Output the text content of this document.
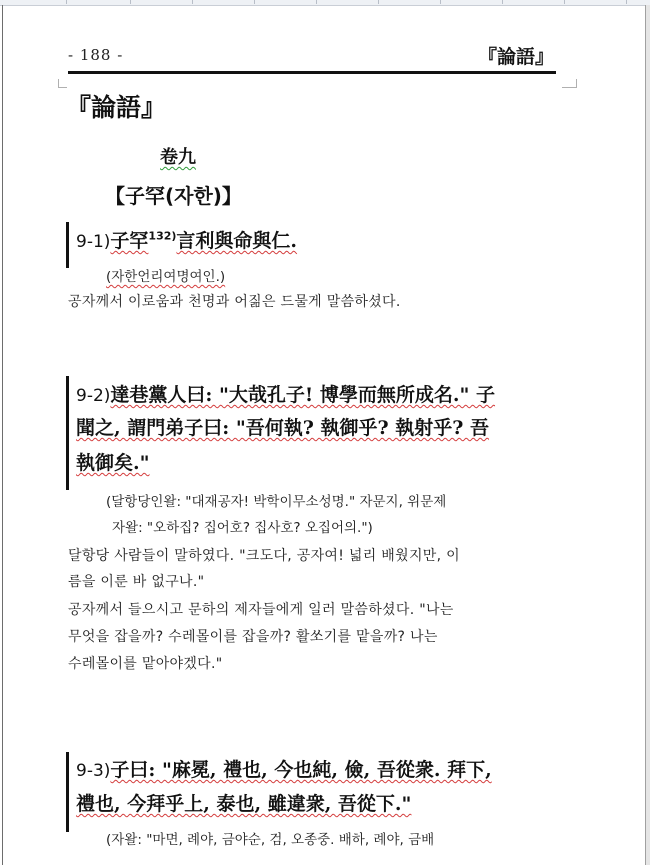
- 188 -	『論語』
『論語』
卷九
【子罕(자한)】
9-1)子罕$^{132)}$言利與命與仁.
(자한언리여명여인.)
공자께서 이로움과 천명과 어짊은 드물게 말씀하셨다.
9-2)達巷黨人曰: "大哉孔子! 博學而無所成名." 子
聞之, 謂門弟子曰: "吾何執? 執御乎? 執射乎? 吾
執御矣."
(달항당인왈: "대재공자! 박학이무소성명." 자문지, 위문제
자왈: "오하집? 집어호? 집사호? 오집어의.")
달항당 사람들이 말하였다. "크도다, 공자여! 넓리 배웠지만, 이
름을 이룬 바 없구나."
공자께서 들으시고 문하의 제자들에게 일러 말씀하셨다. "나는
무엇을 잡을까? 수레몰이를 잡을까? 활쏘기를 맡을까? 나는
수레몰이를 맡아야겠다."
9-3)子曰: "麻冕, 禮也, 今也純, 儉, 吾從衆. 拜下,
禮也, 今拜乎上, 泰也, 雖違衆, 吾從下."
(자왈: "마면, 례야, 금야순, 검, 오종중. 배하, 례야, 금배
